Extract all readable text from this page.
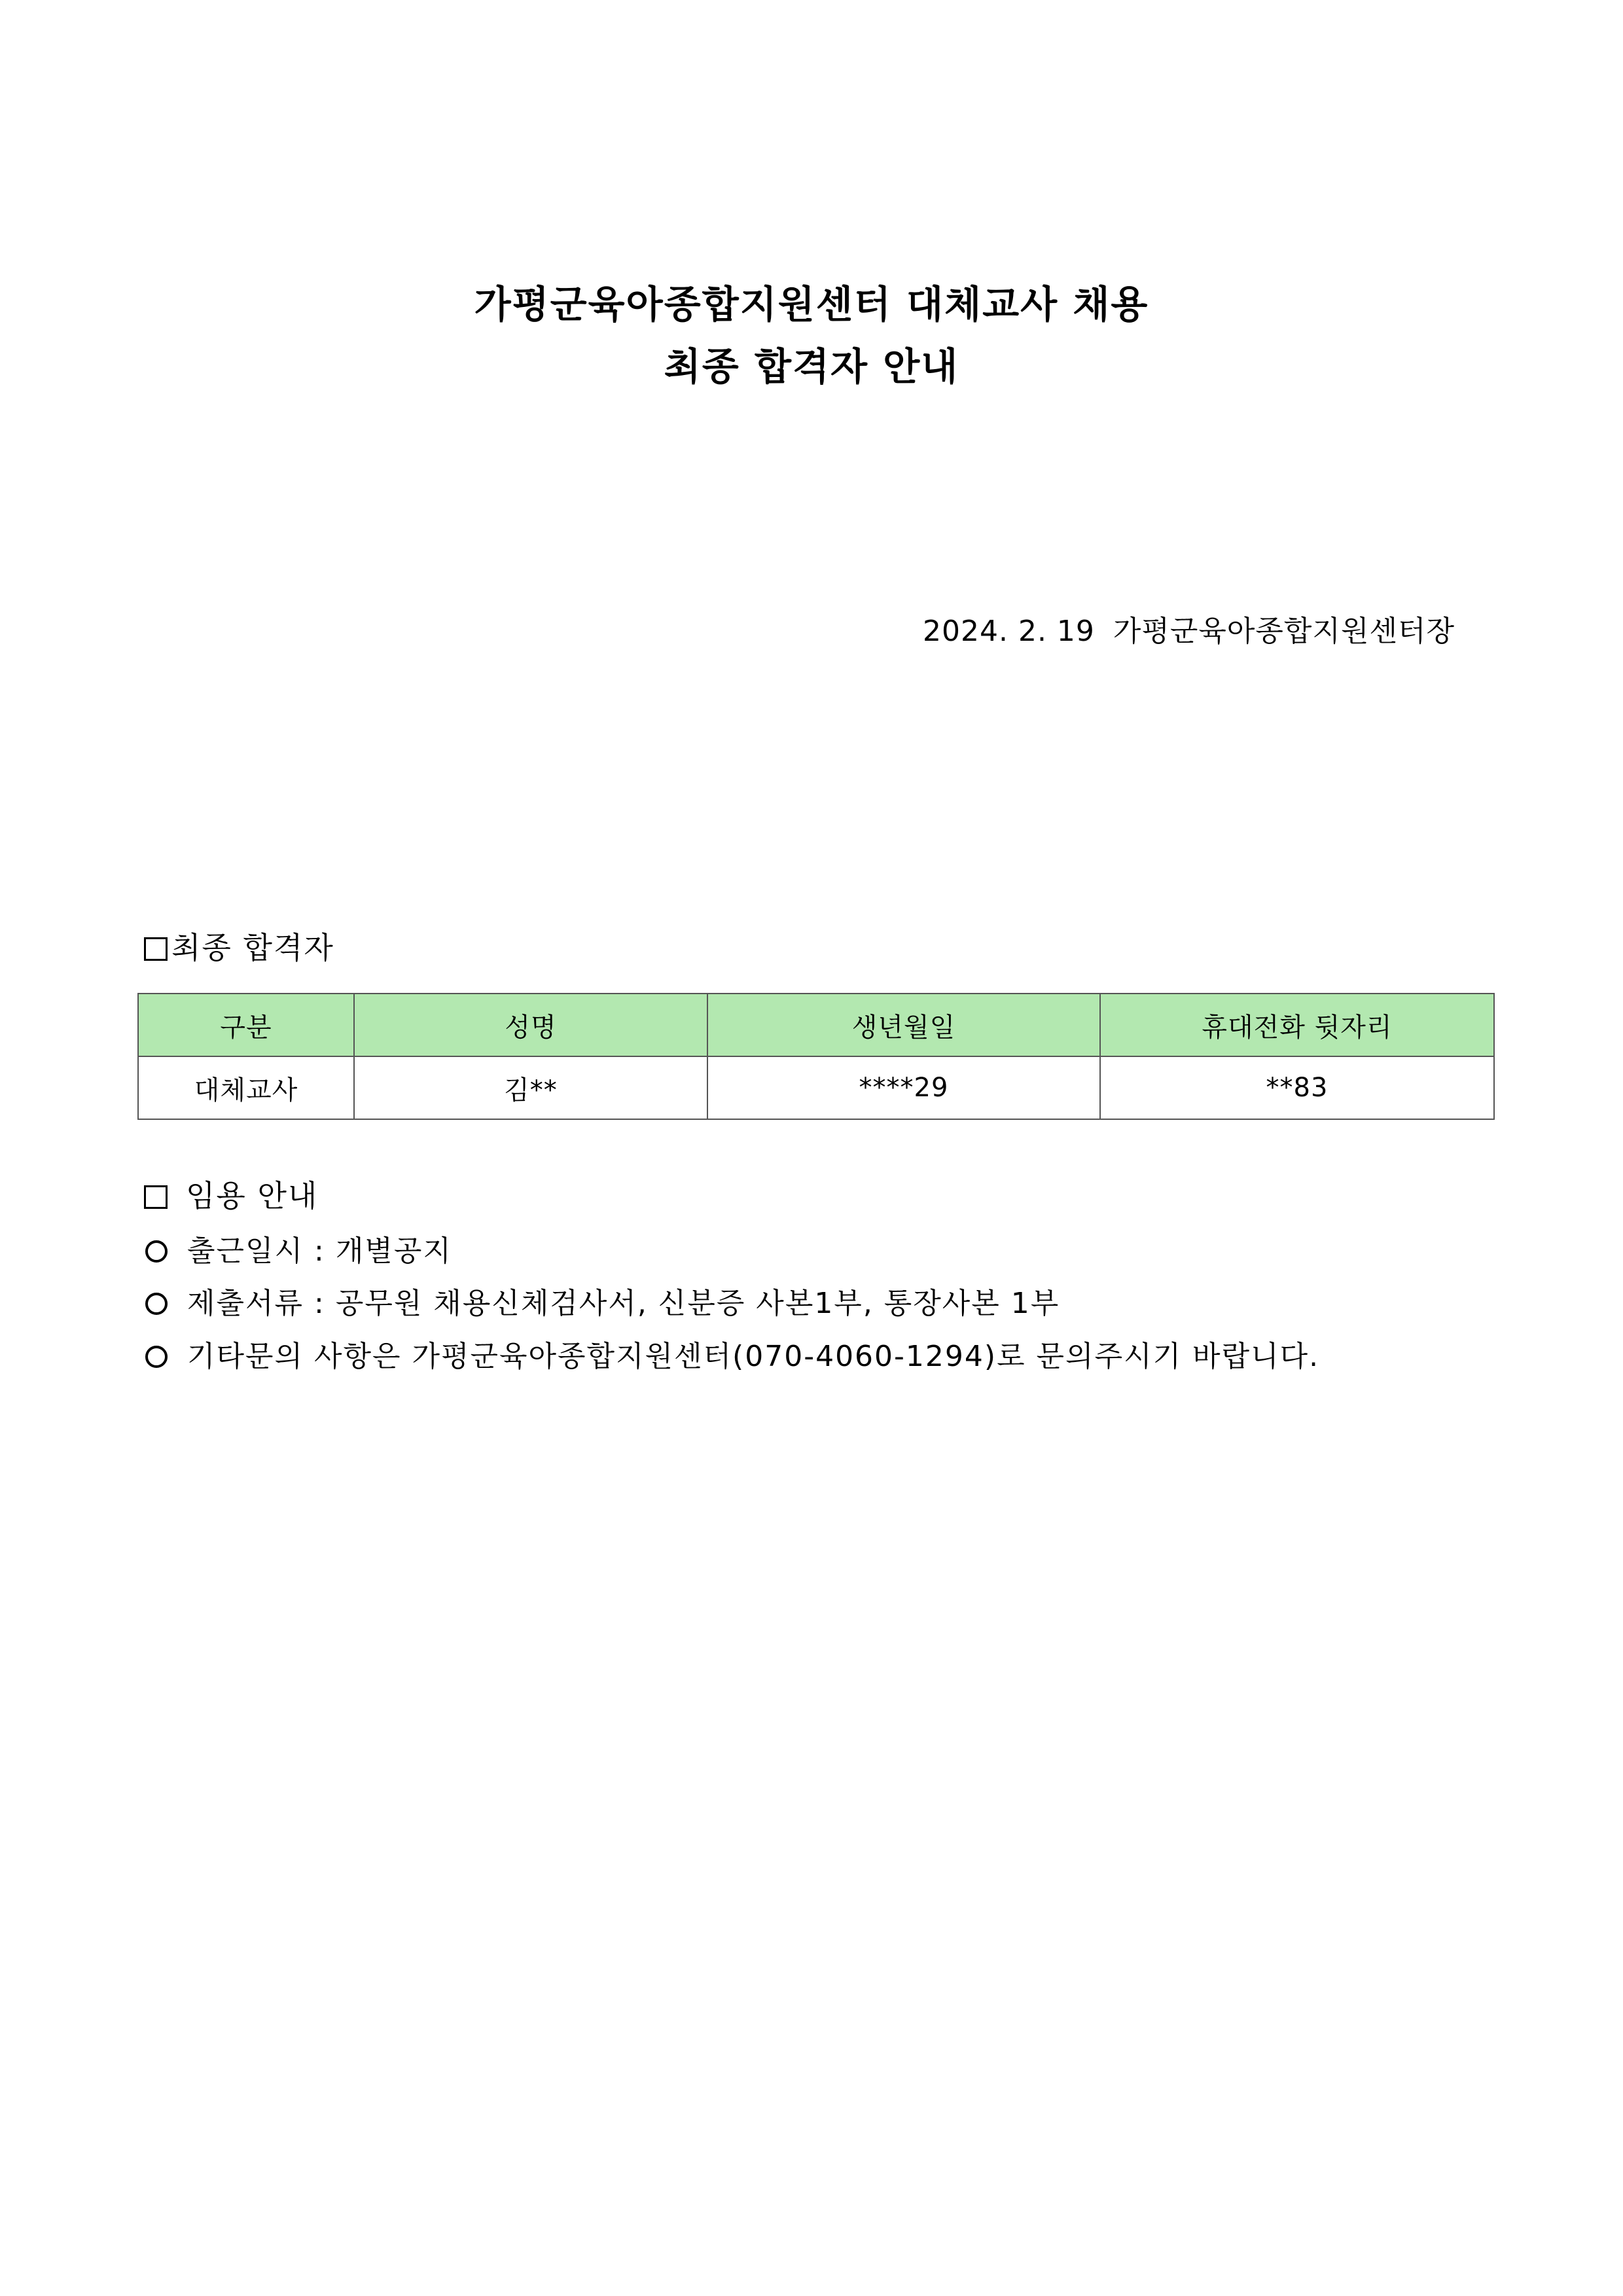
가평군육아종합지원센터 대체교사 채용
최종 합격자 안내
2024. 2. 19 가평군육아종합지원센터장
최종 합격자
구분	성명	생년월일	휴대전화 뒷자리
대체교사	김**	****29	**83
임용 안내
출근일시 : 개별공지
제출서류 : 공무원 채용신체검사서, 신분증 사본1부, 통장사본 1부
기타문의 사항은 가평군육아종합지원센터(070-4060-1294)로 문의주시기 바랍니다.
